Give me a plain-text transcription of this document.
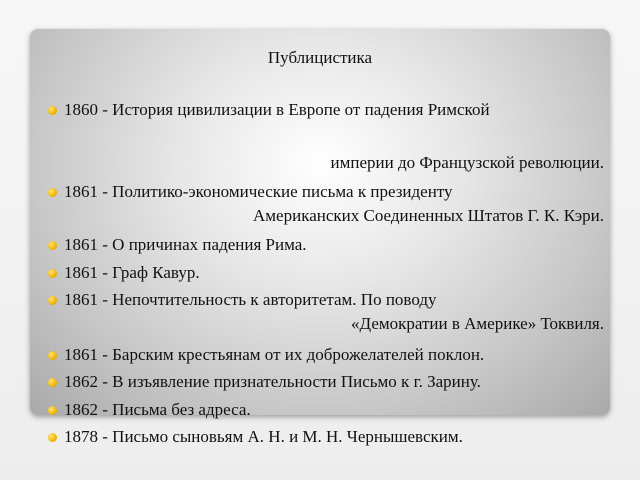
Публицистика
1860 - История цивилизации в Европе от падения Римской
империи до Французской революции.
1861 - Политико-экономические письма к президенту
Американских Соединенных Штатов Г. К. Кэри.
1861 - О причинах падения Рима.
1861 - Граф Кавур.
1861 - Непочтительность к авторитетам. По поводу
«Демократии в Америке» Токвиля.
1861 - Барским крестьянам от их доброжелателей поклон.
1862 - В изъявление признательности Письмо к г. Зарину.
1862 - Письма без адреса.
1878 - Письмо сыновьям А. Н. и М. Н. Чернышевским.
